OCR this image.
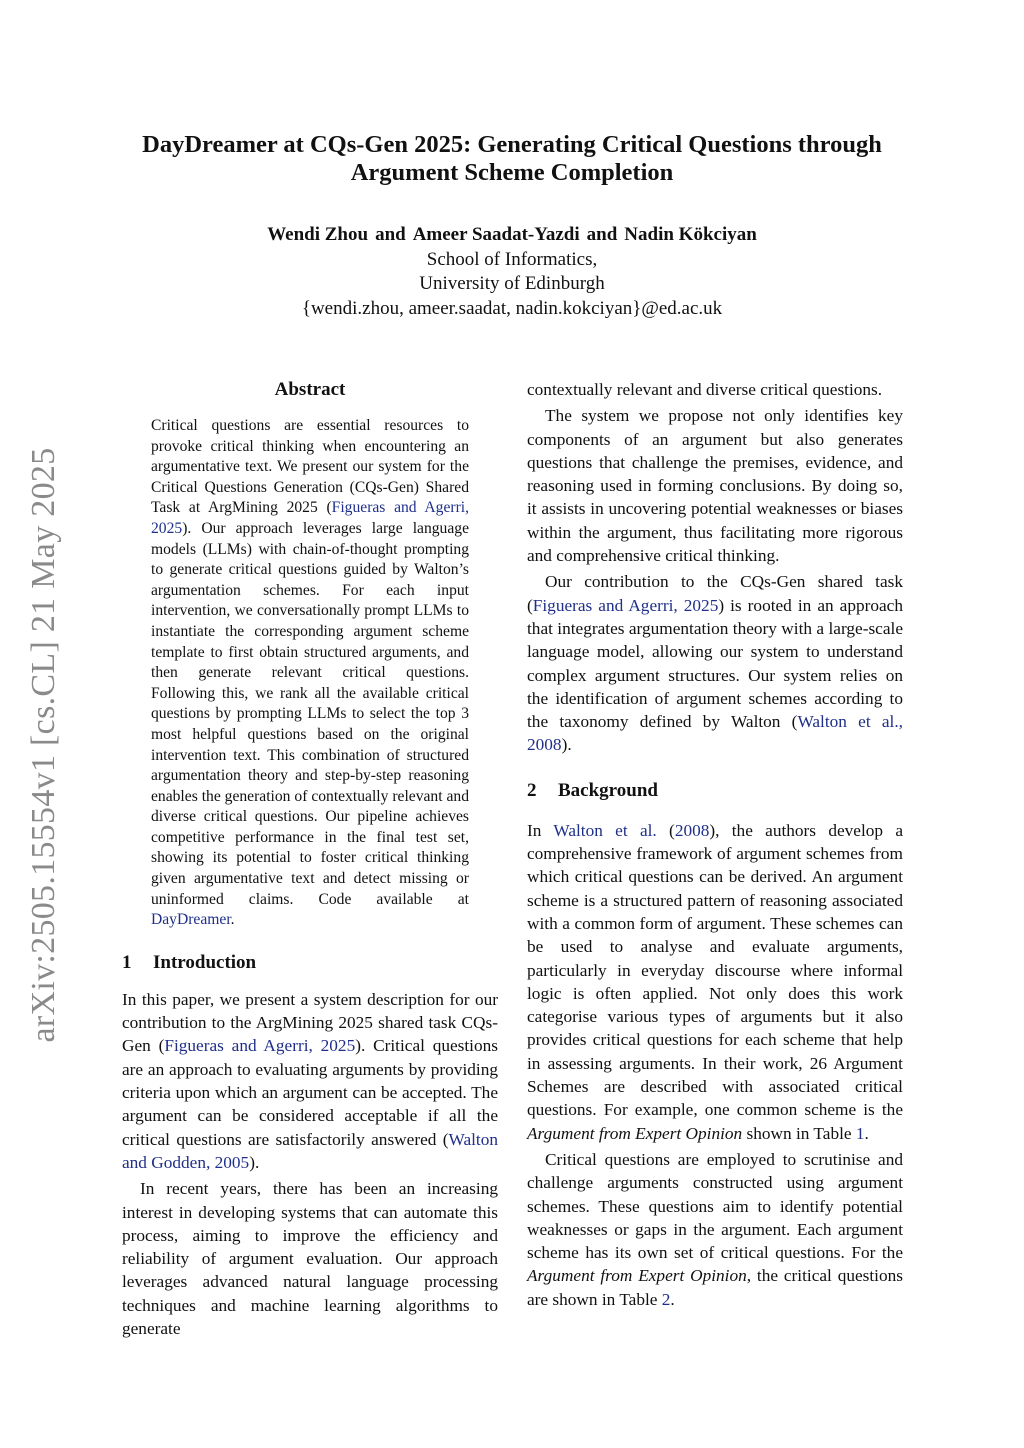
arXiv:2505.15554v1 [cs.CL] 21 May 2025
DayDreamer at CQs-Gen 2025: Generating Critical Questions through
Argument Scheme Completion
Wendi Zhou and Ameer Saadat-Yazdi and Nadin Kökciyan
School of Informatics,
University of Edinburgh
{wendi.zhou, ameer.saadat, nadin.kokciyan}@ed.ac.uk
Abstract
Critical questions are essential resources to provoke critical thinking when encountering an argumentative text. We present our system for the Critical Questions Generation (CQs-Gen) Shared Task at ArgMining 2025 (Figueras and Agerri, 2025). Our approach leverages large language models (LLMs) with chain-of-thought prompting to generate critical questions guided by Walton’s argumentation schemes. For each input intervention, we conversationally prompt LLMs to instantiate the corresponding argument scheme template to first obtain structured arguments, and then generate relevant critical questions. Following this, we rank all the available critical questions by prompting LLMs to select the top 3 most helpful questions based on the original intervention text. This combination of structured argumentation theory and step-by-step reasoning enables the generation of contextually relevant and diverse critical questions. Our pipeline achieves competitive performance in the final test set, showing its potential to foster critical thinking given argumentative text and detect missing or uninformed claims. Code available at DayDreamer.
1 Introduction

In this paper, we present a system description for our contribution to the ArgMining 2025 shared task CQs-Gen (Figueras and Agerri, 2025). Critical questions are an approach to evaluating arguments by providing criteria upon which an argument can be accepted. The argument can be considered acceptable if all the critical questions are satisfactorily answered (Walton and Godden, 2005).

In recent years, there has been an increasing interest in developing systems that can automate this process, aiming to improve the efficiency and reliability of argument evaluation. Our approach leverages advanced natural language processing techniques and machine learning algorithms to generate

contextually relevant and diverse critical questions.

The system we propose not only identifies key components of an argument but also generates questions that challenge the premises, evidence, and reasoning used in forming conclusions. By doing so, it assists in uncovering potential weaknesses or biases within the argument, thus facilitating more rigorous and comprehensive critical thinking.

Our contribution to the CQs-Gen shared task (Figueras and Agerri, 2025) is rooted in an approach that integrates argumentation theory with a large-scale language model, allowing our system to understand complex argument structures. Our system relies on the identification of argument schemes according to the taxonomy defined by Walton (Walton et al., 2008).

2 Background

In Walton et al. (2008), the authors develop a comprehensive framework of argument schemes from which critical questions can be derived. An argument scheme is a structured pattern of reasoning associated with a common form of argument. These schemes can be used to analyse and evaluate arguments, particularly in everyday discourse where informal logic is often applied. Not only does this work categorise various types of arguments but it also provides critical questions for each scheme that help in assessing arguments. In their work, 26 Argument Schemes are described with associated critical questions. For example, one common scheme is the Argument from Expert Opinion shown in Table 1.

Critical questions are employed to scrutinise and challenge arguments constructed using argument schemes. These questions aim to identify potential weaknesses or gaps in the argument. Each argument scheme has its own set of critical questions. For the Argument from Expert Opinion, the critical questions are shown in Table 2.
